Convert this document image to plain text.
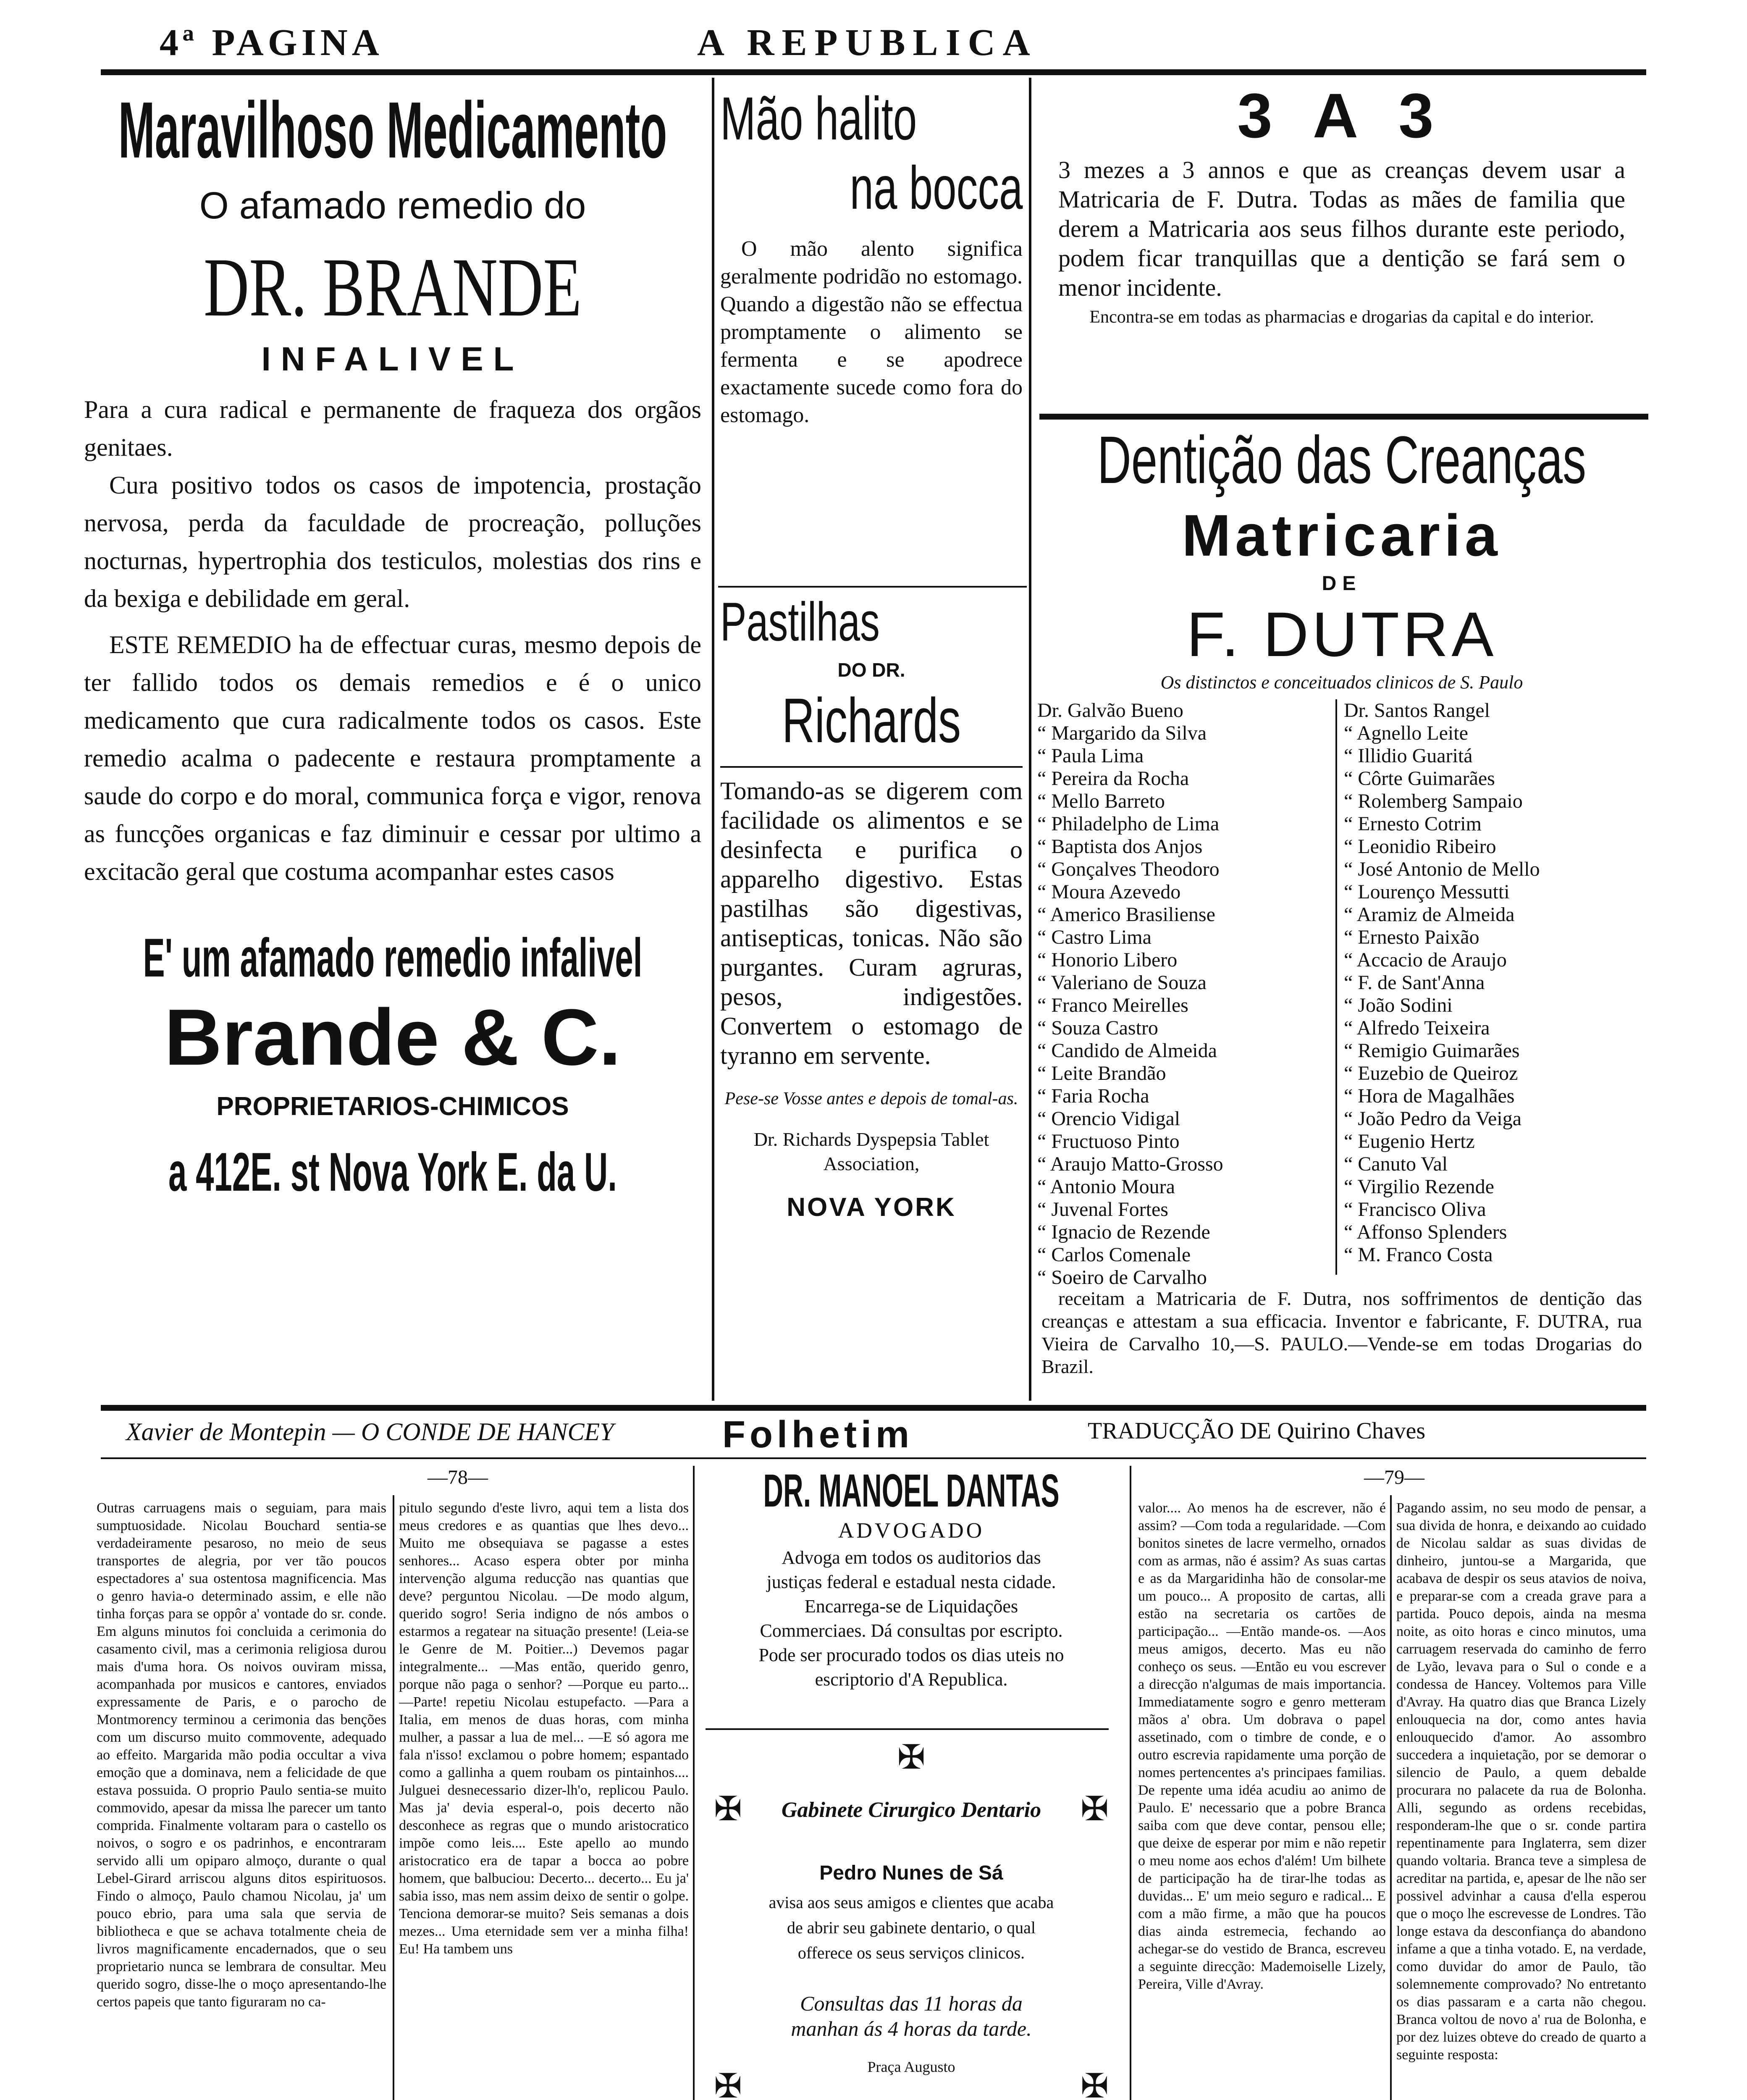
4ª PAGINA	A REPUBLICA
Maravilhoso Medicamento
O afamado remedio do
DR. BRANDE
INFALIVEL
Para a cura radical e permanente de fraqueza dos orgãos genitaes.
Cura positivo todos os casos de impotencia, prostação nervosa, perda da faculdade de procreação, polluções nocturnas, hypertrophia dos testiculos, molestias dos rins e da bexiga e debilidade em geral.
ESTE REMEDIO ha de effectuar curas, mesmo depois de ter fallido todos os demais remedios e é o unico medicamento que cura radicalmente todos os casos. Este remedio acalma o padecente e restaura promptamente a saude do corpo e do moral, communica força e vigor, renova as funcções organicas e faz diminuir e cessar por ultimo a excitacão geral que costuma acompanhar estes casos
E' um afamado remedio infalivel
Brande & C.
PROPRIETARIOS-CHIMICOS
a 412E. st Nova York E. da U.
Mão halito
na bocca
O mão alento significa geralmente podridão no estomago. Quando a digestão não se effectua promptamente o alimento se fermenta e se apodrece exactamente sucede como fora do estomago.
Pastilhas
DO DR.
Richards
Tomando-as se digerem com facilidade os alimentos e se desinfecta e purifica o apparelho digestivo. Estas pastilhas são digestivas, antisepticas, tonicas. Não são purgantes. Curam agruras, pesos, indigestões. Convertem o estomago de tyranno em servente.
Pese-se Vosse antes e depois de tomal-as.
Dr. Richards Dyspepsia Tablet Association,
NOVA YORK
3 A 3
3 mezes a 3 annos e que as creanças devem usar a Matricaria de F. Dutra. Todas as mães de familia que derem a Matricaria aos seus filhos durante este periodo, podem ficar tranquillas que a dentição se fará sem o menor incidente.
Encontra-se em todas as pharmacias e drogarias da capital e do interior.
Dentição das Creanças
Matricaria
DE
F. DUTRA
Os distinctos e conceituados clinicos de S. Paulo
Dr. Galvão Bueno
“ Margarido da Silva
“ Paula Lima
“ Pereira da Rocha
“ Mello Barreto
“ Philadelpho de Lima
“ Baptista dos Anjos
“ Gonçalves Theodoro
“ Moura Azevedo
“ Americo Brasiliense
“ Castro Lima
“ Honorio Libero
“ Valeriano de Souza
“ Franco Meirelles
“ Souza Castro
“ Candido de Almeida
“ Leite Brandão
“ Faria Rocha
“ Orencio Vidigal
“ Fructuoso Pinto
“ Araujo Matto-Grosso
“ Antonio Moura
“ Juvenal Fortes
“ Ignacio de Rezende
“ Carlos Comenale
“ Soeiro de Carvalho
Dr. Santos Rangel
“ Agnello Leite
“ Illidio Guaritá
“ Côrte Guimarães
“ Rolemberg Sampaio
“ Ernesto Cotrim
“ Leonidio Ribeiro
“ José Antonio de Mello
“ Lourenço Messutti
“ Aramiz de Almeida
“ Ernesto Paixão
“ Accacio de Araujo
“ F. de Sant'Anna
“ João Sodini
“ Alfredo Teixeira
“ Remigio Guimarães
“ Euzebio de Queiroz
“ Hora de Magalhães
“ João Pedro da Veiga
“ Eugenio Hertz
“ Canuto Val
“ Virgilio Rezende
“ Francisco Oliva
“ Affonso Splenders
“ M. Franco Costa
receitam a Matricaria de F. Dutra, nos soffrimentos de dentição das creanças e attestam a sua efficacia. Inventor e fabricante, F. DUTRA, rua Vieira de Carvalho 10,—S. PAULO.—Vende-se em todas Drogarias do Brazil.
Xavier de Montepin — O CONDE DE HANCEY	Folhetim	TRADUCÇÃO DE Quirino Chaves
—78—	—79—
Outras carruagens mais o seguiam, para mais sumptuosidade. Nicolau Bouchard sentia-se verdadeiramente pesaroso, no meio de seus transportes de alegria, por ver tão poucos espectadores a' sua ostentosa magnificencia. Mas o genro havia-o determinado assim, e elle não tinha forças para se oppôr a' vontade do sr. conde. Em alguns minutos foi concluida a cerimonia do casamento civil, mas a cerimonia religiosa durou mais d'uma hora. Os noivos ouviram missa, acompanhada por musicos e cantores, enviados expressamente de Paris, e o parocho de Montmorency terminou a cerimonia das benções com um discurso muito commovente, adequado ao effeito. Margarida mão podia occultar a viva emoção que a dominava, nem a felicidade de que estava possuida. O proprio Paulo sentia-se muito commovido, apesar da missa lhe parecer um tanto comprida. Finalmente voltaram para o castello os noivos, o sogro e os padrinhos, e encontraram servido alli um opiparo almoço, durante o qual Lebel-Girard arriscou alguns ditos espirituosos. Findo o almoço, Paulo chamou Nicolau, ja' um pouco ebrio, para uma sala que servia de bibliotheca e que se achava totalmente cheia de livros magnificamente encadernados, que o seu proprietario nunca se lembrara de consultar. Meu querido sogro, disse-lhe o moço apresentando-lhe certos papeis que tanto figuraram no ca-
pitulo segundo d'este livro, aqui tem a lista dos meus credores e as quantias que lhes devo... Muito me obsequiava se pagasse a estes senhores... Acaso espera obter por minha intervenção alguma reducção nas quantias que deve? perguntou Nicolau. —De modo algum, querido sogro! Seria indigno de nós ambos o estarmos a regatear na situação presente! (Leia-se le Genre de M. Poitier...) Devemos pagar integralmente... —Mas então, querido genro, porque não paga o senhor? —Porque eu parto... —Parte! repetiu Nicolau estupefacto. —Para a Italia, em menos de duas horas, com minha mulher, a passar a lua de mel... —E só agora me fala n'isso! exclamou o pobre homem; espantado como a gallinha a quem roubam os pintainhos.... Julguei desnecessario dizer-lh'o, replicou Paulo. Mas ja' devia esperal-o, pois decerto não desconhece as regras que o mundo aristocratico impõe como leis.... Este apello ao mundo aristocratico era de tapar a bocca ao pobre homem, que balbuciou: Decerto... decerto... Eu ja' sabia isso, mas nem assim deixo de sentir o golpe. Tenciona demorar-se muito? Seis semanas a dois mezes... Uma eternidade sem ver a minha filha! Eu! Ha tambem uns
DR. MANOEL DANTAS
ADVOGADO
Advoga em todos os auditorios das justiças federal e estadual nesta cidade. Encarrega-se de Liquidações Commerciaes. Dá consultas por escripto. Pode ser procurado todos os dias uteis no escriptorio d'A Republica.
✠
✠	Gabinete Cirurgico Dentario	✠
Pedro Nunes de Sá
avisa aos seus amigos e clientes que acaba de abrir seu gabinete dentario, o qual offerece os seus serviços clinicos.
Consultas das 11 horas da manhan ás 4 horas da tarde.
✠
Praça Augusto
✠
valor.... Ao menos ha de escrever, não é assim? —Com toda a regularidade. —Com bonitos sinetes de lacre vermelho, ornados com as armas, não é assim? As suas cartas e as da Margaridinha hão de consolar-me um pouco... A proposito de cartas, alli estão na secretaria os cartões de participação... —Então mande-os. —Aos meus amigos, decerto. Mas eu não conheço os seus. —Então eu vou escrever a direcção n'algumas de mais importancia. Immediatamente sogro e genro metteram mãos a' obra. Um dobrava o papel assetinado, com o timbre de conde, e o outro escrevia rapidamente uma porção de nomes pertencentes a's principaes familias. De repente uma idéa acudiu ao animo de Paulo. E' necessario que a pobre Branca saiba com que deve contar, pensou elle; que deixe de esperar por mim e não repetir o meu nome aos echos d'além! Um bilhete de participação ha de tirar-lhe todas as duvidas... E' um meio seguro e radical... E com a mão firme, a mão que ha poucos dias ainda estremecia, fechando ao achegar-se do vestido de Branca, escreveu a seguinte direcção: Mademoiselle Lizely, Pereira, Ville d'Avray.
Pagando assim, no seu modo de pensar, a sua divida de honra, e deixando ao cuidado de Nicolau saldar as suas dividas de dinheiro, juntou-se a Margarida, que acabava de despir os seus atavios de noiva, e preparar-se com a creada grave para a partida. Pouco depois, ainda na mesma noite, as oito horas e cinco minutos, uma carruagem reservada do caminho de ferro de Lyão, levava para o Sul o conde e a condessa de Hancey. Voltemos para Ville d'Avray. Ha quatro dias que Branca Lizely enlouquecia na dor, como antes havia enlouquecido d'amor. Ao assombro succedera a inquietação, por se demorar o silencio de Paulo, a quem debalde procurara no palacete da rua de Bolonha. Alli, segundo as ordens recebidas, responderam-lhe que o sr. conde partira repentinamente para Inglaterra, sem dizer quando voltaria. Branca teve a simplesa de acreditar na partida, e, apesar de lhe não ser possivel advinhar a causa d'ella esperou que o moço lhe escrevesse de Londres. Tão longe estava da desconfiança do abandono infame a que a tinha votado. E, na verdade, como duvidar do amor de Paulo, tão solemnemente comprovado? No entretanto os dias passaram e a carta não chegou. Branca voltou de novo a' rua de Bolonha, e por dez luizes obteve do creado de quarto a seguinte resposta:
